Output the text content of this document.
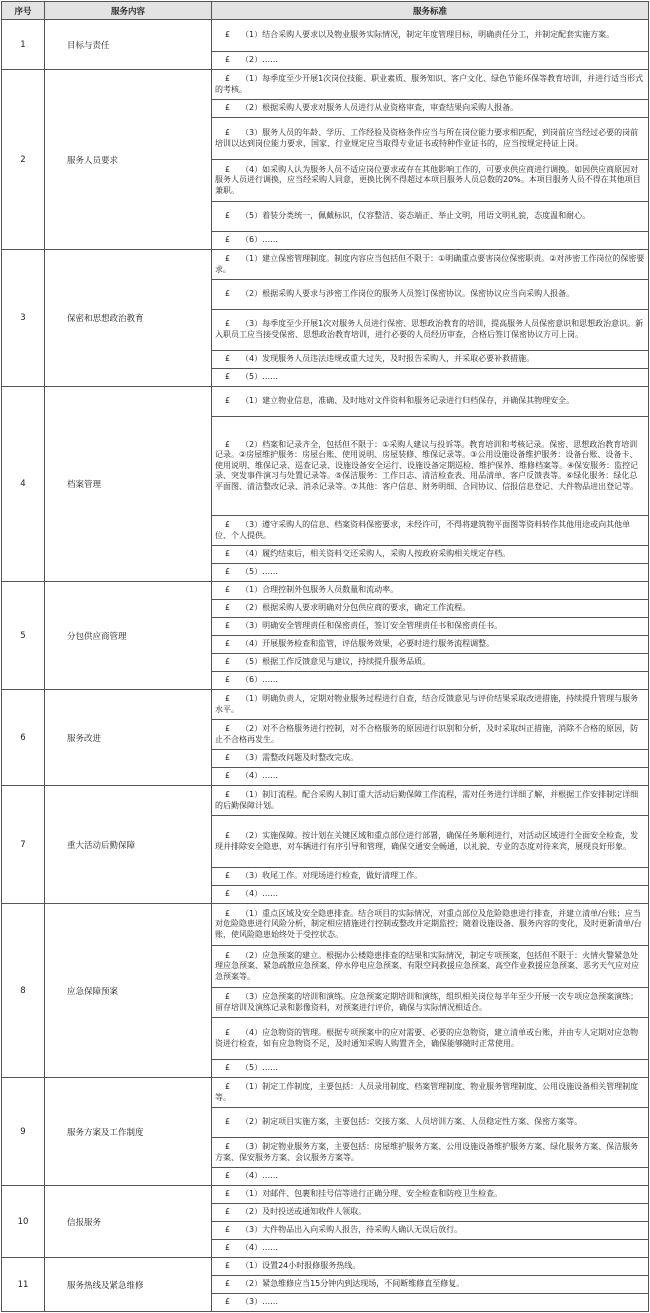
序号	服务内容	服务标准
1	目标与责任	£ （1）结合采购人要求以及物业服务实际情况，制定年度管理目标，明确责任分工，并制定配套实施方案。
		£ （2）……
2	服务人员要求	£ （1）每季度至少开展1次岗位技能、职业素质、服务知识、客户文化、绿色节能环保等教育培训，并进行适当形式的考核。
		£ （2）根据采购人要求对服务人员进行从业资格审查，审查结果向采购人报备。
		£ （3）服务人员的年龄、学历、工作经验及资格条件应当与所在岗位能力要求相匹配，到岗前应当经过必要的岗前培训以达到岗位能力要求，国家、行业规定应当取得专业证书或特种作业证书的，应当按规定持证上岗。
		£ （4）如采购人认为服务人员不适应岗位要求或存在其他影响工作的，可要求供应商进行调换。如因供应商原因对服务人员进行调换，应当经采购人同意，更换比例不得超过本项目服务人员总数的20%。本项目服务人员不得在其他项目兼职。
		£ （5）着装分类统一，佩戴标识，仪容整洁、姿态端正、举止文明，用语文明礼貌，态度温和耐心。
		£ （6）……
3	保密和思想政治教育	£ （1）建立保密管理制度。制度内容应当包括但不限于：①明确重点要害岗位保密职责。②对涉密工作岗位的保密要求。
		£ （2）根据采购人要求与涉密工作岗位的服务人员签订保密协议。保密协议应当向采购人报备。
		£ （3）每季度至少开展1次对服务人员进行保密、思想政治教育的培训，提高服务人员保密意识和思想政治意识。新入职员工应当接受保密、思想政治教育培训，进行必要的人员经历审查，合格后签订保密协议方可上岗。
		£ （4）发现服务人员违法违规或重大过失，及时报告采购人，并采取必要补救措施。
		£ （5）……
4	档案管理	£ （1）建立物业信息，准确、及时地对文件资料和服务记录进行归档保存，并确保其物理安全。
		£ （2）档案和记录齐全，包括但不限于：①采购人建议与投诉等。教育培训和考核记录。保密、思想政治教育培训记录。②房屋维护服务：房屋台账、使用说明、房屋装修、维保记录等。③公用设施设备维护服务：设备台账、设备卡、使用说明、维保记录、巡查记录、设施设备安全运行、设施设备定期巡检、维护保养、维修档案等。④保安服务：监控记录、突发事件演习与处置记录等。⑤保洁服务：工作日志、清洁检查表、用品清单、客户反馈表等。⑥绿化服务：绿化总平面图、清洁整改记录、消杀记录等。⑦其他：客户信息、财务明细、合同协议、信报信息登记、大件物品进出登记等。
		£ （3）遵守采购人的信息、档案资料保密要求，未经许可，不得将建筑物平面图等资料转作其他用途或向其他单位、个人提供。
		£ （4）履约结束后，相关资料交还采购人，采购人按政府采购相关规定存档。
		£ （5）……
5	分包供应商管理	£ （1）合理控制外包服务人员数量和流动率。
		£ （2）根据采购人要求明确对分包供应商的要求，确定工作流程。
		£ （3）明确安全管理责任和保密责任，签订安全管理责任书和保密责任书。
		£ （4）开展服务检查和监管，评估服务效果，必要时进行服务流程调整。
		£ （5）根据工作反馈意见与建议，持续提升服务品质。
		£ （6）……
6	服务改进	£ （1）明确负责人，定期对物业服务过程进行自查，结合反馈意见与评价结果采取改进措施，持续提升管理与服务水平。
		£ （2）对不合格服务进行控制，对不合格服务的原因进行识别和分析，及时采取纠正措施，消除不合格的原因，防止不合格再发生。
		£ （3）需整改问题及时整改完成。
		£ （4）……
7	重大活动后勤保障	£ （1）制订流程。配合采购人制订重大活动后勤保障工作流程，需对任务进行详细了解，并根据工作安排制定详细的后勤保障计划。
		£ （2）实施保障。按计划在关键区域和重点部位进行部署，确保任务顺利进行，对活动区域进行全面安全检查，发现并排除安全隐患，对车辆进行有序引导和管理，确保交通安全畅通，以礼貌、专业的态度对待来宾，展现良好形象。
		£ （3）收尾工作。对现场进行检查，做好清理工作。
		£ （4）……
8	应急保障预案	£ （1）重点区域及安全隐患排查。结合项目的实际情况，对重点部位及危险隐患进行排查，并建立清单/台账；应当对危险隐患进行风险分析，制定相应措施进行控制或整改并定期监控；随着设施设备、服务内容的变化，及时更新清单/台账，使风险隐患始终处于受控状态。
		£ （2）应急预案的建立。根据办公楼隐患排查的结果和实际情况，制定专项预案，包括但不限于：火情火警紧急处理应急预案、紧急疏散应急预案、停水停电应急预案、有限空间救援应急预案、高空作业救援应急预案、恶劣天气应对应急预案等。
		£ （3）应急预案的培训和演练。应急预案定期培训和演练，组织相关岗位每半年至少开展一次专项应急预案演练；留存培训及演练记录和影像资料，对预案进行评价，确保与实际情况相适合。
		£ （4）应急物资的管理。根据专项预案中的应对需要、必要的应急物资，建立清单或台账，并由专人定期对应急物资进行检查，如有应急物资不足，及时通知采购人购置齐全，确保能够随时正常使用。
		£ （5）……
9	服务方案及工作制度	£ （1）制定工作制度，主要包括：人员录用制度、档案管理制度、物业服务管理制度、公用设施设备相关管理制度等。
		£ （2）制定项目实施方案，主要包括：交接方案、人员培训方案、人员稳定性方案、保密方案等。
		£ （3）制定物业服务方案，主要包括：房屋维护服务方案、公用设施设备维护服务方案、绿化服务方案、保洁服务方案、保安服务方案、会议服务方案等。
		£ （4）……
10	信报服务	£ （1）对邮件、包裹和挂号信等进行正确分理、安全检查和防疫卫生检查。
		£ （2）及时投送或通知收件人领取。
		£ （3）大件物品出入向采购人报告，待采购人确认无误后放行。
		£ （4）……
11	服务热线及紧急维修	£ （1）设置24小时报修服务热线。
		£ （2）紧急维修应当15分钟内到达现场，不间断维修直至修复。
		£ （3）……
